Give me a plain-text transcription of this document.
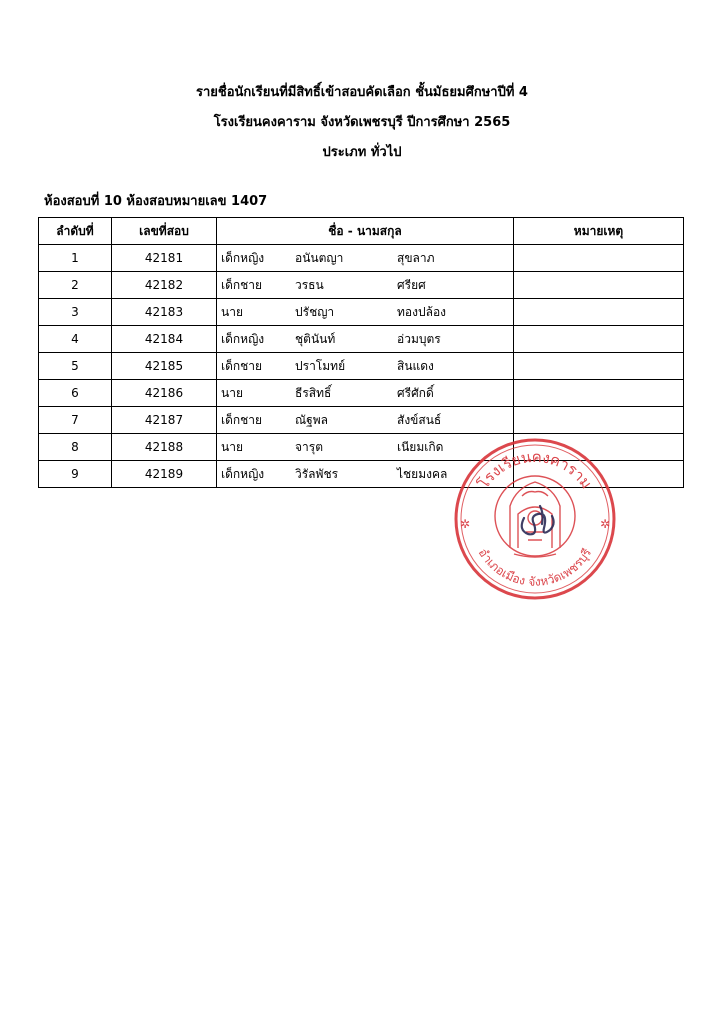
รายชื่อนักเรียนที่มีสิทธิ์เข้าสอบคัดเลือก ชั้นมัธยมศึกษาปีที่ 4
โรงเรียนคงคาราม จังหวัดเพชรบุรี ปีการศึกษา 2565
ประเภท ทั่วไป
ห้องสอบที่ 10 ห้องสอบหมายเลข 1407
ลำดับที่	เลขที่สอบ	ชื่อ - นามสกุล	หมายเหตุ
1	42181	เด็กหญิง อนันตญา สุขลาภ	

2	42182	เด็กชาย วรธน ศรียศ	

3	42183	นาย ปรัชญา ทองปล้อง	

4	42184	เด็กหญิง ชุตินันท์ อ่วมบุตร	

5	42185	เด็กชาย ปราโมทย์ สินแดง	

6	42186	นาย ธีรสิทธิ์ ศรีศักดิ์	

7	42187	เด็กชาย ณัฐพล สังข์สนธ์	

8	42188	นาย จารุต เนียมเกิด	

9	42189	เด็กหญิง วิรัลพัชร ไชยมงคล	

โรงเรียนคงคาราม
อำเภอเมือง จังหวัดเพชรบุรี
✲	✲
